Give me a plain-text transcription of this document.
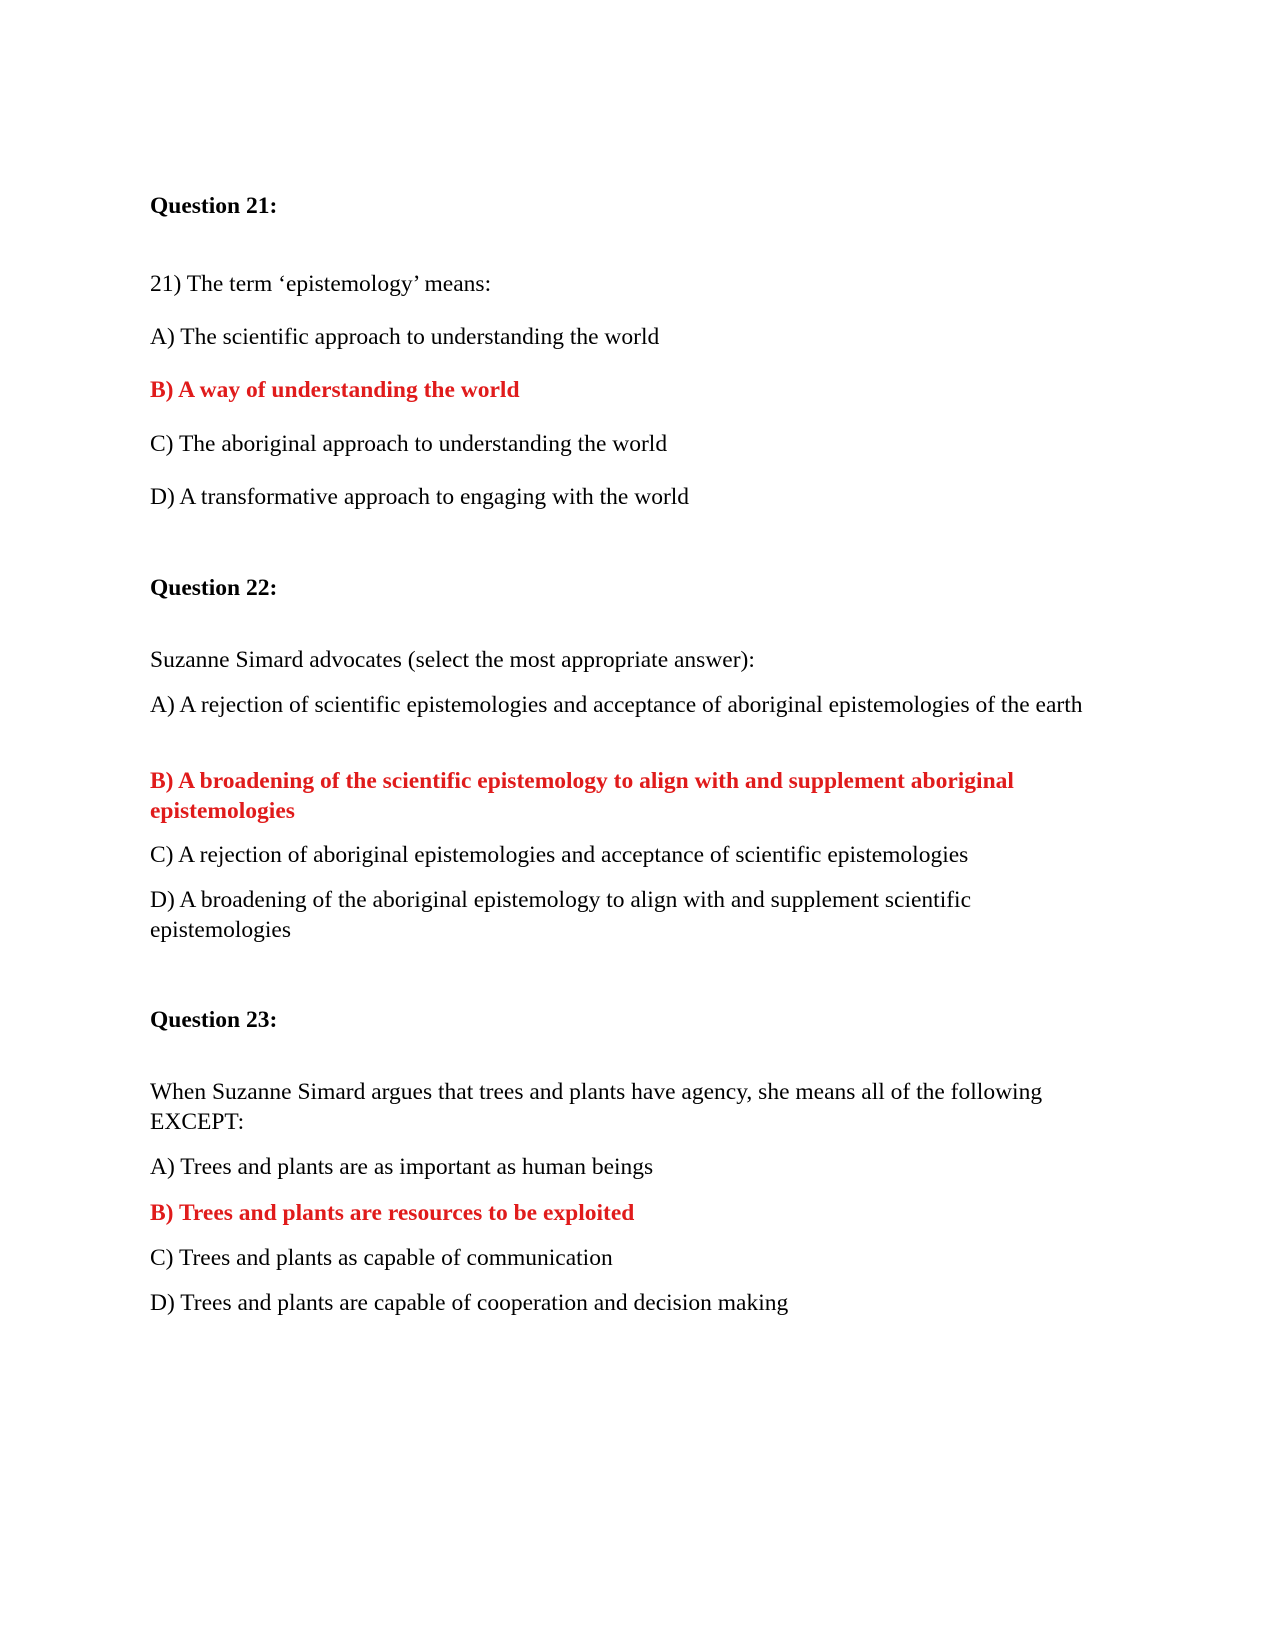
Question 21:

21) The term ‘epistemology’ means:

A) The scientific approach to understanding the world

B) A way of understanding the world

C) The aboriginal approach to understanding the world

D) A transformative approach to engaging with the world

Question 22:

Suzanne Simard advocates (select the most appropriate answer):

A) A rejection of scientific epistemologies and acceptance of aboriginal epistemologies of the earth

B) A broadening of the scientific epistemology to align with and supplement aboriginal epistemologies

C) A rejection of aboriginal epistemologies and acceptance of scientific epistemologies

D) A broadening of the aboriginal epistemology to align with and supplement scientific epistemologies

Question 23:

When Suzanne Simard argues that trees and plants have agency, she means all of the following EXCEPT:

A) Trees and plants are as important as human beings

B) Trees and plants are resources to be exploited

C) Trees and plants as capable of communication

D) Trees and plants are capable of cooperation and decision making
